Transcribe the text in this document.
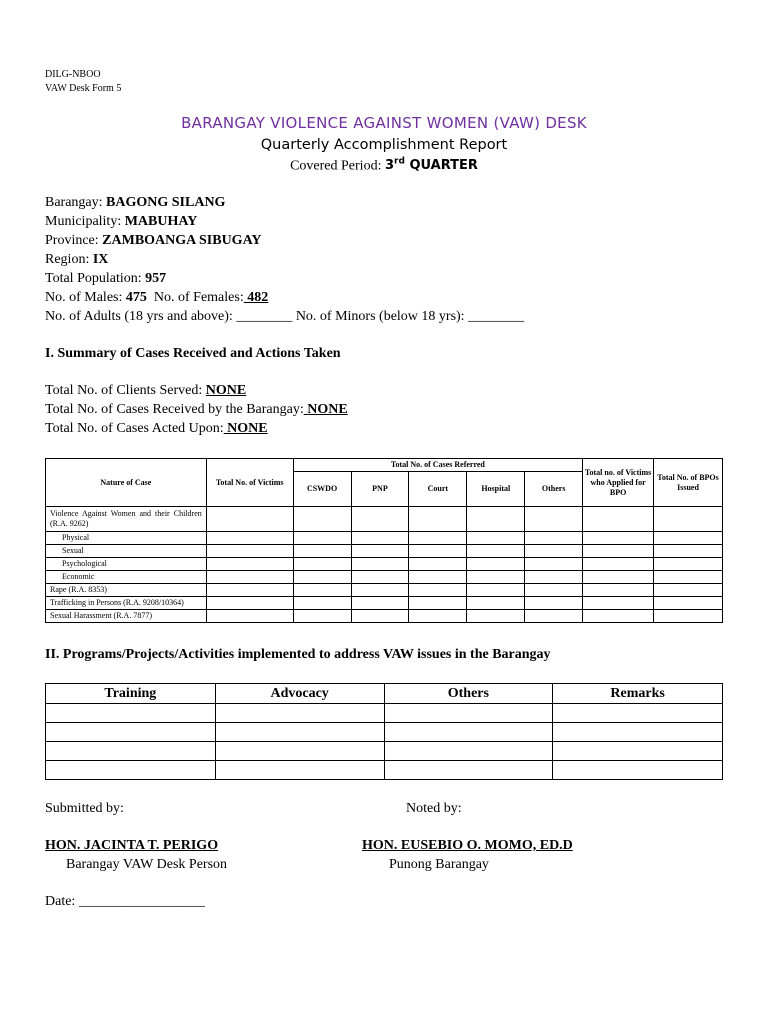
DILG-NBOO
VAW Desk Form 5
BARANGAY VIOLENCE AGAINST WOMEN (VAW) DESK
Quarterly Accomplishment Report
Covered Period: 3rd QUARTER
Barangay: BAGONG SILANG
Municipality: MABUHAY
Province: ZAMBOANGA SIBUGAY
Region: IX
Total Population: 957
No. of Males: 475 No. of Females: 482
No. of Adults (18 yrs and above): ________ No. of Minors (below 18 yrs): ________
I. Summary of Cases Received and Actions Taken
Total No. of Clients Served: NONE
Total No. of Cases Received by the Barangay: NONE
Total No. of Cases Acted Upon: NONE
Nature of Case	Total No. of Victims	Total No. of Cases Referred					Total no. of Victims who Applied for BPO	Total No. of BPOs Issued
		CSWDO	PNP	Court	Hospital	Others		
Violence Against Women and their Children (R.A. 9262)								
Physical								
Sexual								
Psychological								
Economic								
Rape (R.A. 8353)								
Trafficking in Persons (R.A. 9208/10364)								
Sexual Harassment (R.A. 7877)								
II. Programs/Projects/Activities implemented to address VAW issues in the Barangay
Training	Advocacy	Others	Remarks

Submitted by:	Noted by:
HON. JACINTA T. PERIGO	HON. EUSEBIO O. MOMO, ED.D
Barangay VAW Desk Person	Punong Barangay
Date: __________________
